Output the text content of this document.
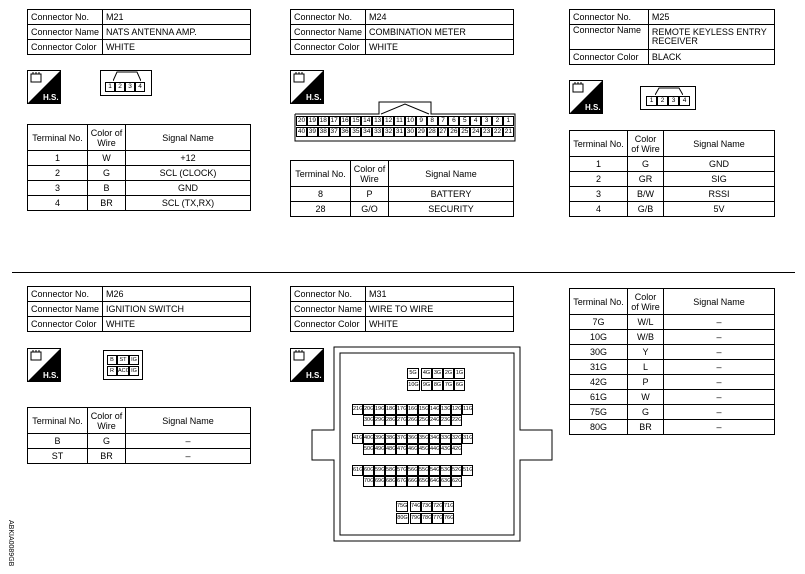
Connector No.	M21
Connector Name	NATS ANTENNA AMP.
Connector Color	WHITE
H.S.
1 2 3 4
Terminal No.	Color of Wire	Signal Name
1	W	+12
2	G	SCL (CLOCK)
3	B	GND
4	BR	SCL (TX,RX)
Connector No.	M24
Connector Name	COMBINATION METER
Connector Color	WHITE
H.S.
20 19 18 17 16 15 14 13 12 11 10 9	8	7	6	5	4	3	2	1
40 39 38 37 36 35 34 33 32 31 30 29 28 27 26 25 24 23 22 21
Terminal No.	Color of Wire	Signal Name
8	P	BATTERY
28	G/O	SECURITY
Connector No.	M25
Connector Name	REMOTE KEYLESS ENTRY RECEIVER
Connector Color	BLACK
H.S.
1	2	3	4
Terminal No.	Color of Wire	Signal Name
1	G	GND
2	GR	SIG
3	B/W	RSSI
4	G/B	5V
Connector No.	M26
Connector Name	IGNITION SWITCH
Connector Color	WHITE
H.S.
B	ST IG
R ACC IG
Terminal No.	Color of Wire	Signal Name
B	G	–
ST	BR	–
Connector No.	M31
Connector Name	WIRE TO WIRE
Connector Color	WHITE
H.S.	5G	4G 3G 2G 1G
10G 9G 8G 7G 6G
21G 20G 19G 18G 17G 16G 15G 14G 13G 12G 11G
30G 29G 28G 27G 26G 25G 24G 23G 22G
41G 40G 39G 38G 37G 36G 35G 34G 33G 32G 31G
50G 49G 48G 47G 46G 45G 44G 43G 42G
61G 60G 59G 58G 57G 56G 55G 54G 53G 52G 51G
70G 69G 68G 67G 66G 65G 64G 63G 62G
75G 74G 73G 72G 71G
80G 79G 78G 77G 76G
Terminal No.	Color of Wire	Signal Name
7G	W/L	–
10G	W/B	–
30G	Y	–
31G	L	–
42G	P	–
61G	W	–
75G	G	–
80G	BR	–
ABKIA0089GB
